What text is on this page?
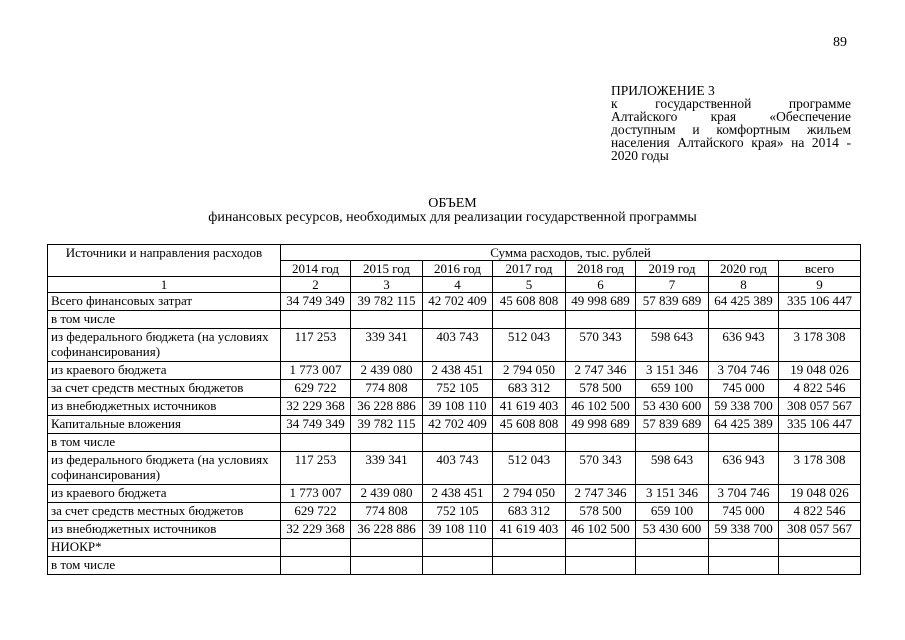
89
ПРИЛОЖЕНИЕ 3
к государственной программе Алтайского края «Обеспечение доступным и комфортным жильем населения Алтайского края» на 2014 - 2020 годы
ОБЪЕМ
финансовых ресурсов, необходимых для реализации государственной программы
Источники и направления расходов	Сумма расходов, тыс. рублей							
	2014 год	2015 год	2016 год	2017 год	2018 год	2019 год	2020 год	всего
1	2	3	4	5	6	7	8	9
Всего финансовых затрат	34 749 349	39 782 115	42 702 409	45 608 808	49 998 689	57 839 689	64 425 389	335 106 447
в том числе								
из федерального бюджета (на условиях софинансирования)	117 253	339 341	403 743	512 043	570 343	598 643	636 943	3 178 308
из краевого бюджета	1 773 007	2 439 080	2 438 451	2 794 050	2 747 346	3 151 346	3 704 746	19 048 026
за счет средств местных бюджетов	629 722	774 808	752 105	683 312	578 500	659 100	745 000	4 822 546
из внебюджетных источников	32 229 368	36 228 886	39 108 110	41 619 403	46 102 500	53 430 600	59 338 700	308 057 567
Капитальные вложения	34 749 349	39 782 115	42 702 409	45 608 808	49 998 689	57 839 689	64 425 389	335 106 447
в том числе								
из федерального бюджета (на условиях софинансирования)	117 253	339 341	403 743	512 043	570 343	598 643	636 943	3 178 308
из краевого бюджета	1 773 007	2 439 080	2 438 451	2 794 050	2 747 346	3 151 346	3 704 746	19 048 026
за счет средств местных бюджетов	629 722	774 808	752 105	683 312	578 500	659 100	745 000	4 822 546
из внебюджетных источников	32 229 368	36 228 886	39 108 110	41 619 403	46 102 500	53 430 600	59 338 700	308 057 567
НИОКР*								
в том числе								
